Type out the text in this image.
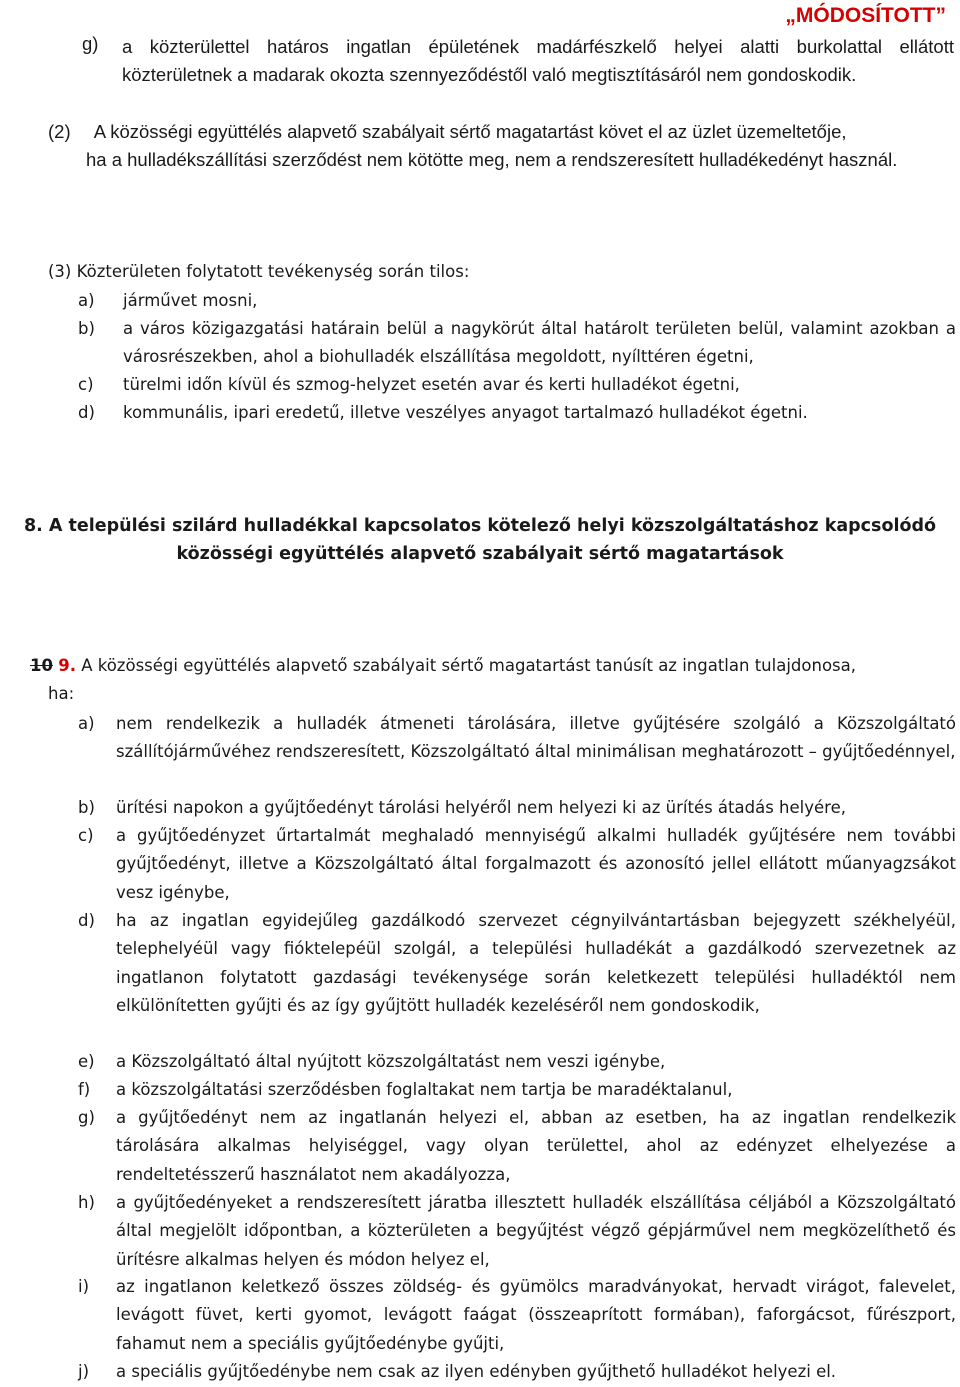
„MÓDOSÍTOTT”
g) a közterülettel határos ingatlan épületének madárfészkelő helyei alatti burkolattal ellátott közterületnek a madarak okozta szennyeződéstől való megtisztításáról nem gondoskodik.
(2) A közösségi együttélés alapvető szabályait sértő magatartást követ el az üzlet üzemeltetője,
ha a hulladékszállítási szerződést nem kötötte meg, nem a rendszeresített hulladékedényt használ.
(3) Közterületen folytatott tevékenység során tilos:
a) járművet mosni,
b) a város közigazgatási határain belül a nagykörút által határolt területen belül, valamint azokban a városrészekben, ahol a biohulladék elszállítása megoldott, nyílttéren égetni,
c) türelmi időn kívül és szmog-helyzet esetén avar és kerti hulladékot égetni,
d) kommunális, ipari eredetű, illetve veszélyes anyagot tartalmazó hulladékot égetni.
8. A települési szilárd hulladékkal kapcsolatos kötelező helyi közszolgáltatáshoz kapcsolódó
közösségi együttélés alapvető szabályait sértő magatartások
10 9. A közösségi együttélés alapvető szabályait sértő magatartást tanúsít az ingatlan tulajdonosa,
ha:
a) nem rendelkezik a hulladék átmeneti tárolására, illetve gyűjtésére szolgáló a Közszolgáltató szállítójárművéhez rendszeresített, Közszolgáltató által minimálisan meghatározott – gyűjtőedénnyel,
b) ürítési napokon a gyűjtőedényt tárolási helyéről nem helyezi ki az ürítés átadás helyére,
c) a gyűjtőedényzet űrtartalmát meghaladó mennyiségű alkalmi hulladék gyűjtésére nem további gyűjtőedényt, illetve a Közszolgáltató által forgalmazott és azonosító jellel ellátott műanyagzsákot vesz igénybe,
d) ha az ingatlan egyidejűleg gazdálkodó szervezet cégnyilvántartásban bejegyzett székhelyéül, telephelyéül vagy fióktelepéül szolgál, a települési hulladékát a gazdálkodó szervezetnek az ingatlanon folytatott gazdasági tevékenysége során keletkezett települési hulladéktól nem elkülönítetten gyűjti és az így gyűjtött hulladék kezeléséről nem gondoskodik,
e) a Közszolgáltató által nyújtott közszolgáltatást nem veszi igénybe,
f) a közszolgáltatási szerződésben foglaltakat nem tartja be maradéktalanul,
g) a gyűjtőedényt nem az ingatlanán helyezi el, abban az esetben, ha az ingatlan rendelkezik tárolására alkalmas helyiséggel, vagy olyan területtel, ahol az edényzet elhelyezése a rendeltetésszerű használatot nem akadályozza,
h) a gyűjtőedényeket a rendszeresített járatba illesztett hulladék elszállítása céljából a Közszolgáltató által megjelölt időpontban, a közterületen a begyűjtést végző gépjárművel nem megközelíthető és ürítésre alkalmas helyen és módon helyez el,
i) az ingatlanon keletkező összes zöldség- és gyümölcs maradványokat, hervadt virágot, falevelet, levágott füvet, kerti gyomot, levágott faágat (összeaprított formában), faforgácsot, fűrészport, fahamut nem a speciális gyűjtőedénybe gyűjti,
j) a speciális gyűjtőedénybe nem csak az ilyen edényben gyűjthető hulladékot helyezi el.
